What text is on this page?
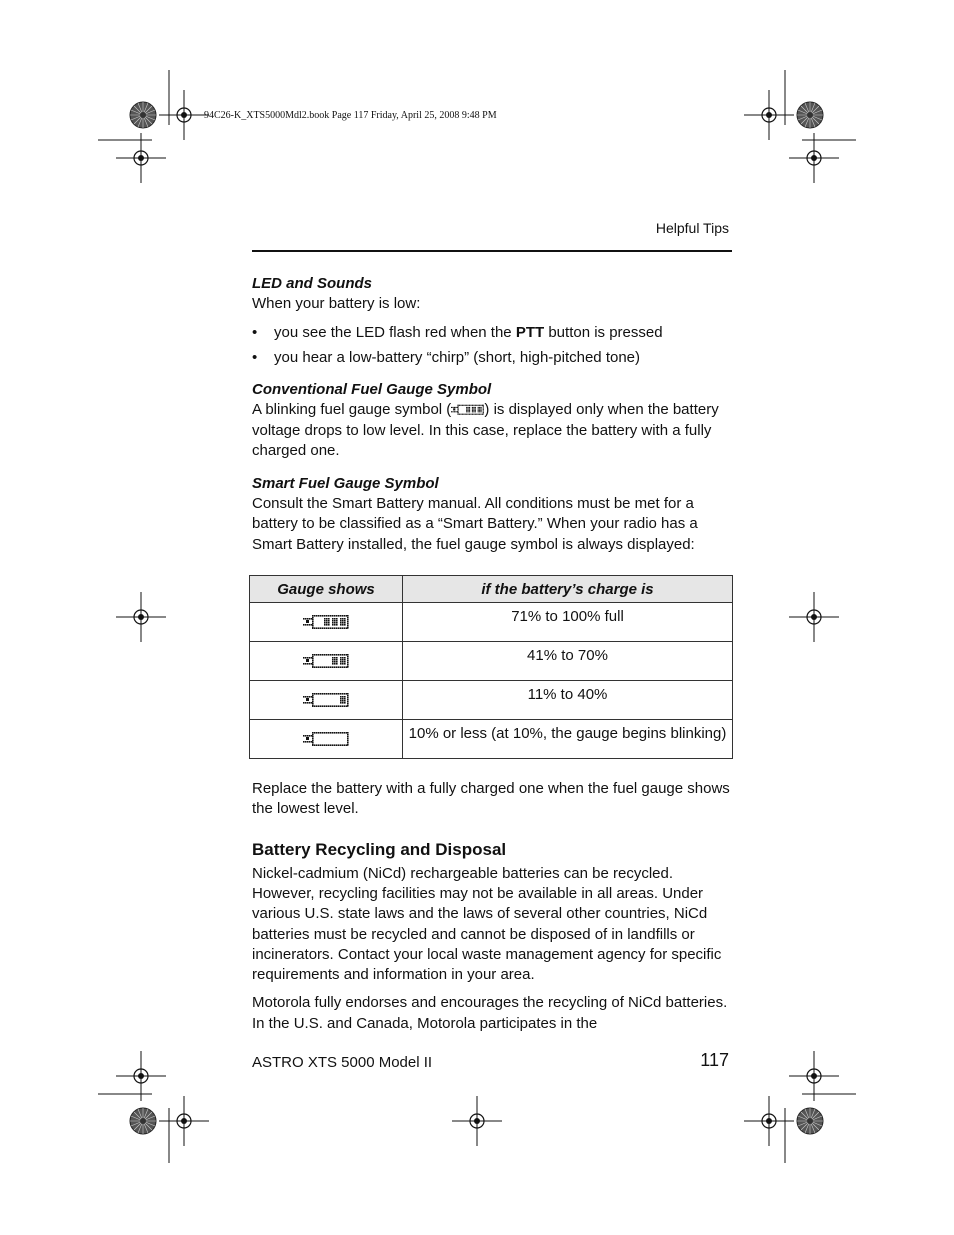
94C26-K_XTS5000Mdl2.book Page 117 Friday, April 25, 2008 9:48 PM
Helpful Tips
LED and Sounds

When your battery is low:

• you see the LED flash red when the PTT button is pressed
• you hear a low-battery “chirp” (short, high-pitched tone)
Conventional Fuel Gauge Symbol

A blinking fuel gauge symbol ( ) is displayed only when the battery voltage drops to low level. In this case, replace the battery with a fully charged one.

Smart Fuel Gauge Symbol

Consult the Smart Battery manual. All conditions must be met for a battery to be classified as a “Smart Battery.” When your radio has a Smart Battery installed, the fuel gauge symbol is always displayed:

Gauge shows	if the battery’s charge is

	71% to 100% full

	41% to 70%

	11% to 40%

	10% or less (at 10%, the gauge begins blinking)

Replace the battery with a fully charged one when the fuel gauge shows the lowest level.

Battery Recycling and Disposal

Nickel-cadmium (NiCd) rechargeable batteries can be recycled. However, recycling facilities may not be available in all areas. Under various U.S. state laws and the laws of several other countries, NiCd batteries must be recycled and cannot be disposed of in landfills or incinerators. Contact your local waste management agency for specific requirements and information in your area.

Motorola fully endorses and encourages the recycling of NiCd batteries. In the U.S. and Canada, Motorola participates in the

ASTRO XTS 5000 Model II	117
